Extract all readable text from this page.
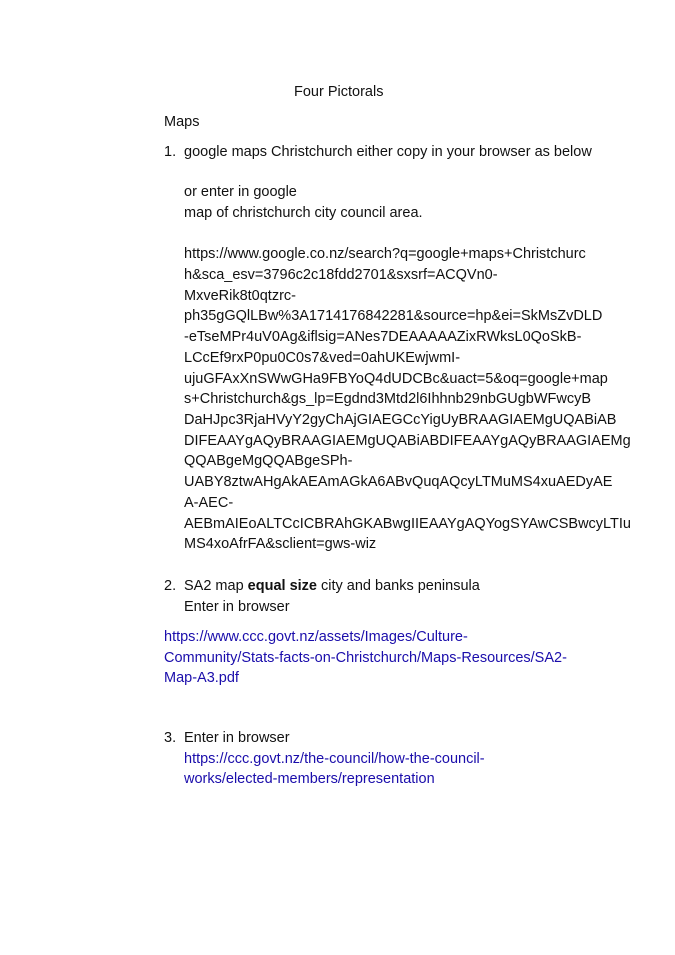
Four Pictorals
Maps
1. google maps Christchurch either copy in your browser as below
or enter in google
map of christchurch city council area.
https://www.google.co.nz/search?q=google+maps+Christchurc
h&sca_esv=3796c2c18fdd2701&sxsrf=ACQVn0-
MxveRik8t0qtzrc-
ph35gGQlLBw%3A1714176842281&source=hp&ei=SkMsZvDLD
-eTseMPr4uV0Ag&iflsig=ANes7DEAAAAAZixRWksL0QoSkB-
LCcEf9rxP0pu0C0s7&ved=0ahUKEwjwmI-
ujuGFAxXnSWwGHa9FBYoQ4dUDCBc&uact=5&oq=google+map
s+Christchurch&gs_lp=Egdnd3Mtd2l6Ihhnb29nbGUgbWFwcyB
DaHJpc3RjaHVyY2gyChAjGIAEGCcYigUyBRAAGIAEMgUQABiAB
DIFEAAYgAQyBRAAGIAEMgUQABiABDIFEAAYgAQyBRAAGIAEMg
QQABgeMgQQABgeSPh-
UABY8ztwAHgAkAEAmAGkA6ABvQuqAQcyLTMuMS4xuAEDyAE
A-AEC-
AEBmAIEoALTCcICBRAhGKABwgIIEAAYgAQYogSYAwCSBwcyLTIu
MS4xoAfrFA&sclient=gws-wiz
2. SA2 map equal size city and banks peninsula
Enter in browser
https://www.ccc.govt.nz/assets/Images/Culture-
Community/Stats-facts-on-Christchurch/Maps-Resources/SA2-
Map-A3.pdf
3. Enter in browser
https://ccc.govt.nz/the-council/how-the-council-
works/elected-members/representation
